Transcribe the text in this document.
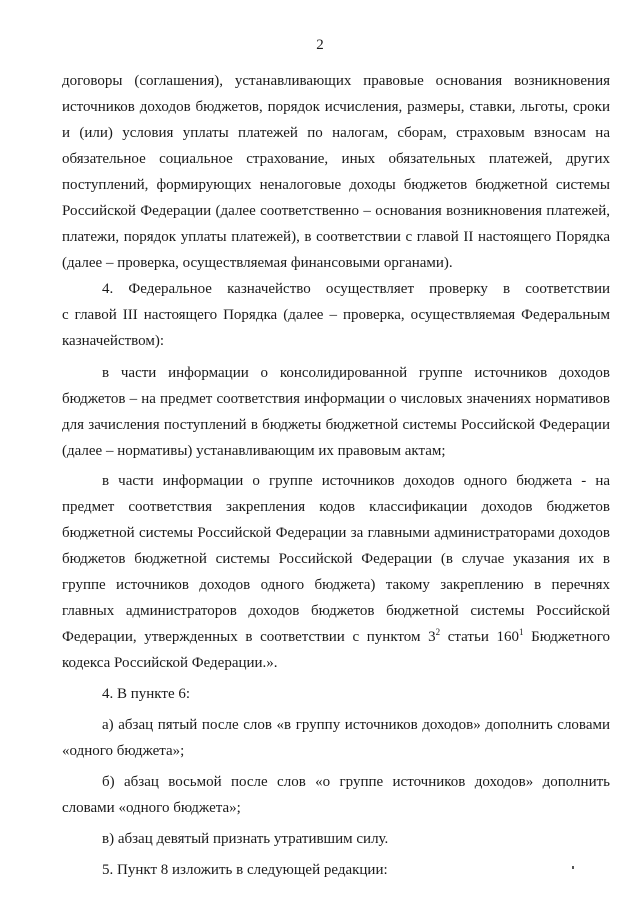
2

договоры (соглашения), устанавливающих правовые основания возникновения источников доходов бюджетов, порядок исчисления, размеры, ставки, льготы, сроки и (или) условия уплаты платежей по налогам, сборам, страховым взносам на обязательное социальное страхование, иных обязательных платежей, других поступлений, формирующих неналоговые доходы бюджетов бюджетной системы Российской Федерации (далее соответственно – основания возникновения платежей, платежи, порядок уплаты платежей), в соответствии с главой II настоящего Порядка (далее – проверка, осуществляемая финансовыми органами).

4. Федеральное казначейство осуществляет проверку в соответствии

с главой III настоящего Порядка (далее – проверка, осуществляемая Федеральным казначейством):

в части информации о консолидированной группе источников доходов бюджетов – на предмет соответствия информации о числовых значениях нормативов для зачисления поступлений в бюджеты бюджетной системы Российской Федерации (далее – нормативы) устанавливающим их правовым актам;

в части информации о группе источников доходов одного бюджета - на предмет соответствия закрепления кодов классификации доходов бюджетов бюджетной системы Российской Федерации за главными администраторами доходов бюджетов бюджетной системы Российской Федерации (в случае указания их в группе источников доходов одного бюджета) такому закреплению в перечнях главных администраторов доходов бюджетов бюджетной системы Российской Федерации, утвержденных в соответствии с пунктом $3^2$ статьи $160^1$ Бюджетного кодекса Российской Федерации.».

4. В пункте 6:

а) абзац пятый после слов «в группу источников доходов» дополнить словами «одного бюджета»;

б) абзац восьмой после слов «о группе источников доходов» дополнить словами «одного бюджета»;

в) абзац девятый признать утратившим силу.

5. Пункт 8 изложить в следующей редакции:
